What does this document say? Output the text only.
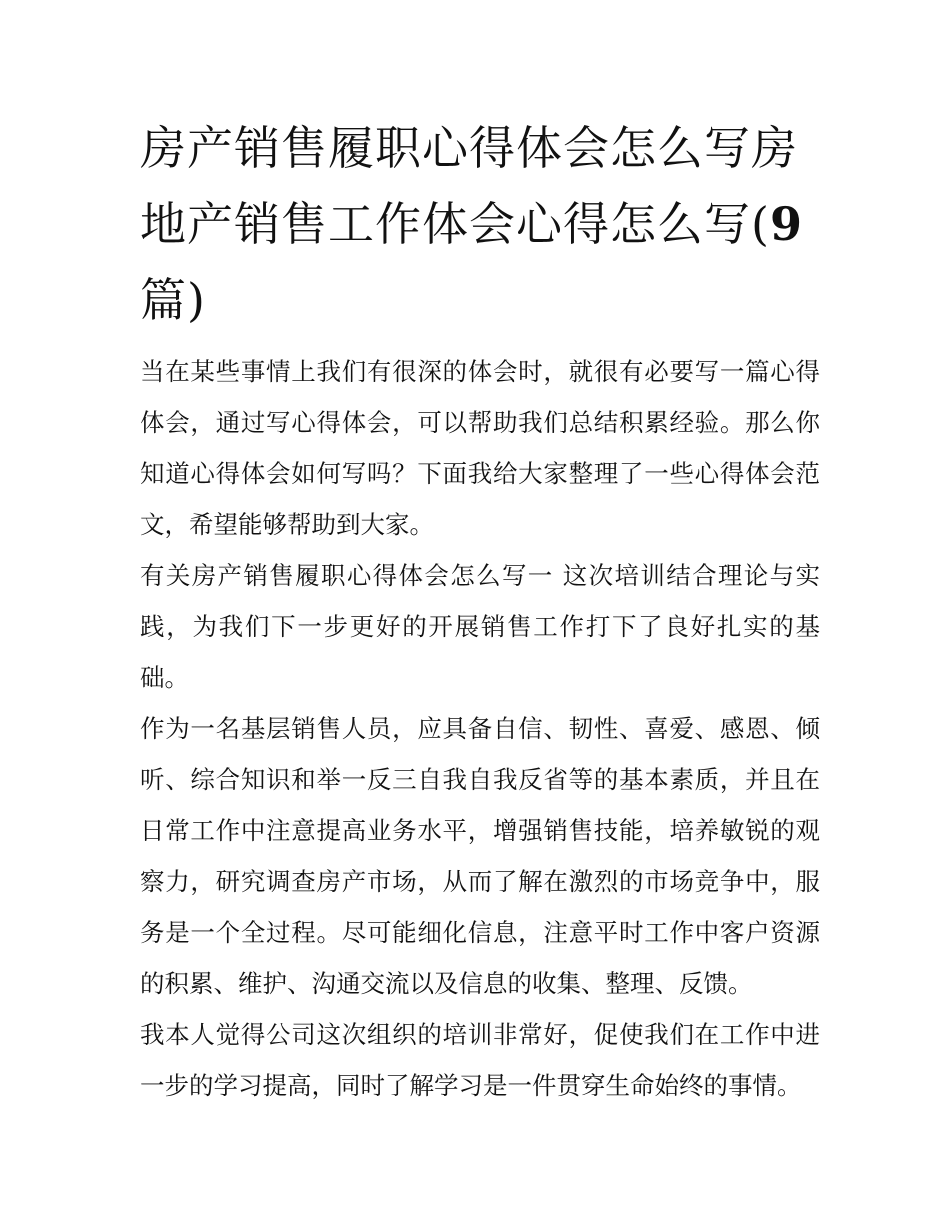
房产销售履职心得体会怎么写房地产销售工作体会心得怎么写(9 篇)

当在某些事情上我们有很深的体会时，就很有必要写一篇心得体会，通过写心得体会，可以帮助我们总结积累经验。那么你知道心得体会如何写吗？下面我给大家整理了一些心得体会范文，希望能够帮助到大家。

有关房产销售履职心得体会怎么写一 这次培训结合理论与实践，为我们下一步更好的开展销售工作打下了良好扎实的基础。

作为一名基层销售人员，应具备自信、韧性、喜爱、感恩、倾听、综合知识和举一反三自我自我反省等的基本素质，并且在日常工作中注意提高业务水平，增强销售技能，培养敏锐的观察力，研究调查房产市场，从而了解在激烈的市场竞争中，服务是一个全过程。尽可能细化信息，注意平时工作中客户资源的积累、维护、沟通交流以及信息的收集、整理、反馈。

我本人觉得公司这次组织的培训非常好，促使我们在工作中进一步的学习提高，同时了解学习是一件贯穿生命始终的事情。
